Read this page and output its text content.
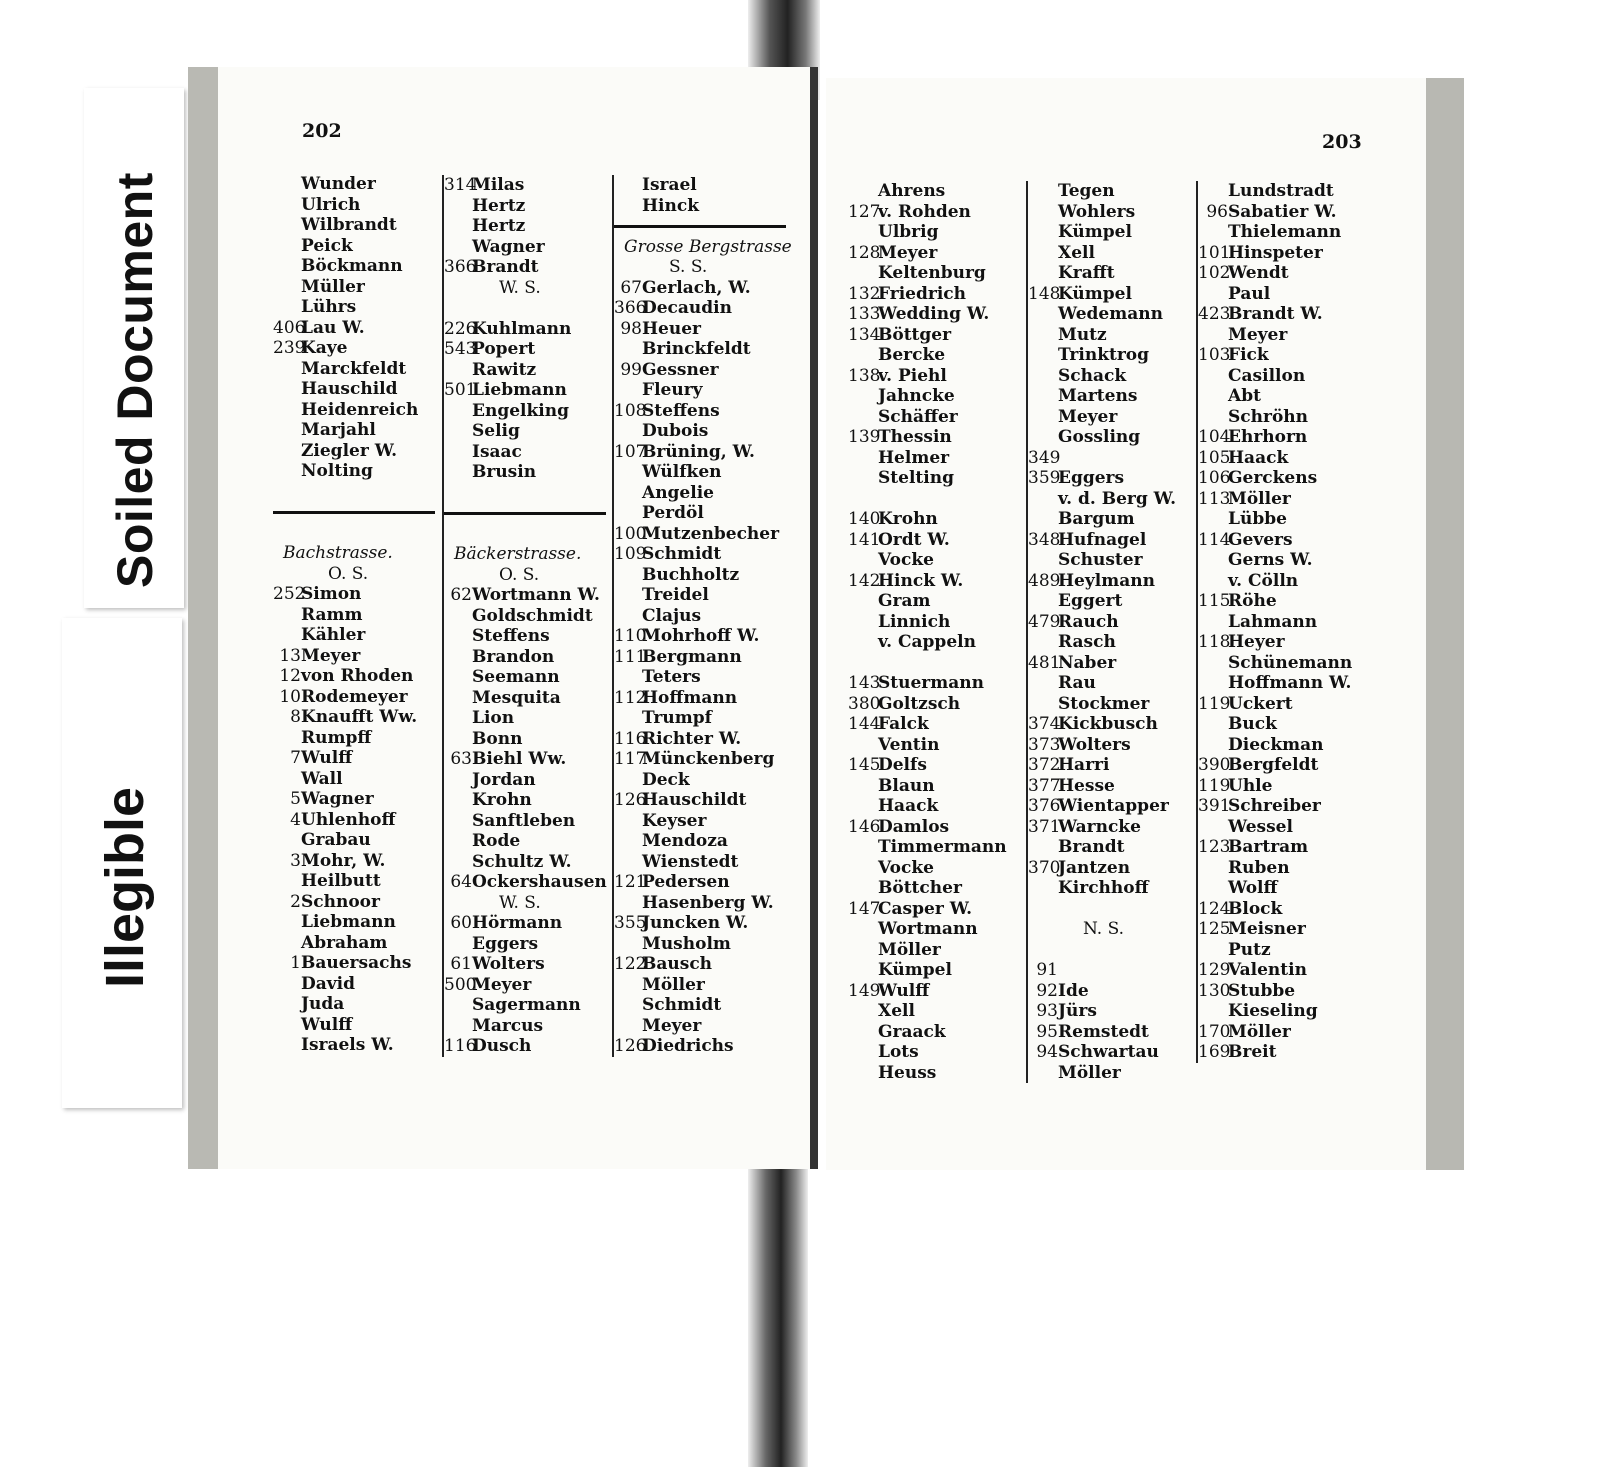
Soiled Document
Illegible
202
Wunder
Ulrich
Wilbrandt
Peick
Böckmann
Müller
Lührs
406Lau W.
239Kaye
Marckfeldt
Hauschild
Heidenreich
Marjahl
Ziegler W.
Nolting
Bachstrasse.
O. S.
252Simon
Ramm
Kähler
13Meyer
12von Rhoden
10Rodemeyer
8Knaufft Ww.
Rumpff
7Wulff
Wall
5Wagner
4Uhlenhoff
Grabau
3Mohr, W.
Heilbutt
2Schnoor
Liebmann
Abraham
1Bauersachs
David
Juda
Wulff
Israels W.
314Milas
Hertz
Hertz
Wagner
366Brandt
W. S.
226Kuhlmann
543Popert
Rawitz
501Liebmann
Engelking
Selig
Isaac
Brusin
Bäckerstrasse.
O. S.
62Wortmann W.
Goldschmidt
Steffens
Brandon
Seemann
Mesquita
Lion
Bonn
63Biehl Ww.
Jordan
Krohn
Sanftleben
Rode
Schultz W.
64Ockershausen
W. S.
60Hörmann
Eggers
61Wolters
500Meyer
Sagermann
Marcus
116Dusch
Israel
Hinck
Grosse Bergstrasse
S. S.
67Gerlach, W.
366Decaudin
98Heuer
Brinckfeldt
99Gessner
Fleury
108Steffens
Dubois
107Brüning, W.
Wülfken
Angelie
Perdöl
100Mutzenbecher
109Schmidt
Buchholtz
Treidel
Clajus
110Mohrhoff W.
111Bergmann
Teters
112Hoffmann
Trumpf
116Richter W.
117Münckenberg
Deck
126Hauschildt
Keyser
Mendoza
Wienstedt
121Pedersen
Hasenberg W.
355Juncken W.
Musholm
122Bausch
Möller
Schmidt
Meyer
126Diedrichs
203
Ahrens
127v. Rohden
Ulbrig
128Meyer
Keltenburg
132Friedrich
133Wedding W.
134Böttger
Bercke
138v. Piehl
Jahncke
Schäffer
139Thessin
Helmer
Stelting
140Krohn
141Ordt W.
Vocke
142Hinck W.
Gram
Linnich
v. Cappeln
143Stuermann
380Goltzsch
144Falck
Ventin
145Delfs
Blaun
Haack
146Damlos
Timmermann
Vocke
Böttcher
147Casper W.
Wortmann
Möller
Kümpel
149Wulff
Xell
Graack
Lots
Heuss
Tegen
Wohlers
Kümpel
Xell
Krafft
148Kümpel
Wedemann
Mutz
Trinktrog
Schack
Martens
Meyer
Gossling
349
359Eggers
v. d. Berg W.
Bargum
348Hufnagel
Schuster
489Heylmann
Eggert
479Rauch
Rasch
481Naber
Rau
Stockmer
374Kickbusch
373Wolters
372Harri
377Hesse
376Wientapper
371Warncke
Brandt
370Jantzen
Kirchhoff
N. S.
91
92Ide
93Jürs
95Remstedt
94Schwartau
Möller
Lundstradt
96Sabatier W.
Thielemann
101Hinspeter
102Wendt
Paul
423Brandt W.
Meyer
103Fick
Casillon
Abt
Schröhn
104Ehrhorn
105Haack
106Gerckens
113Möller
Lübbe
114Gevers
Gerns W.
v. Cölln
115Röhe
Lahmann
118Heyer
Schünemann
Hoffmann W.
119Uckert
Buck
Dieckman
390Bergfeldt
119Uhle
391Schreiber
Wessel
123Bartram
Ruben
Wolff
124Block
125Meisner
Putz
129Valentin
130Stubbe
Kieseling
170Möller
169Breit
